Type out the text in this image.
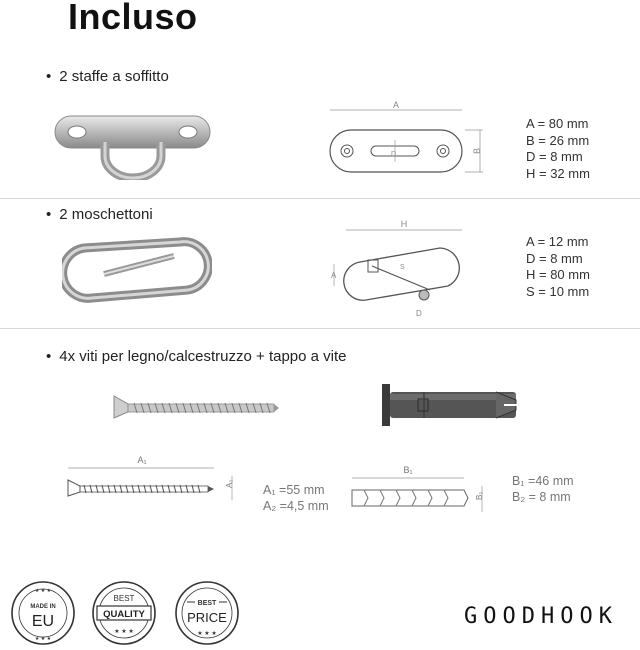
Incluso
• 2 staffe a soffitto
A
D
B
A = 80 mm
B = 26 mm
D = 8 mm
H = 32 mm
• 2 moschettoni
H
A
S
D
A = 12 mm
D = 8 mm
H = 80 mm
S = 10 mm
• 4x viti per legno/calcestruzzo + tappo a vite
A₁
A₂ A₁ =55 mm
A₂ =4,5 mm
B₁
B₂
B₁ =46 mm
B₂ = 8 mm
★ ★ ★
★ ★ ★
MADE IN
EU
BEST
QUALITY
★ ★ ★
BEST
PRICE
★ ★ ★
GOODHOOK
